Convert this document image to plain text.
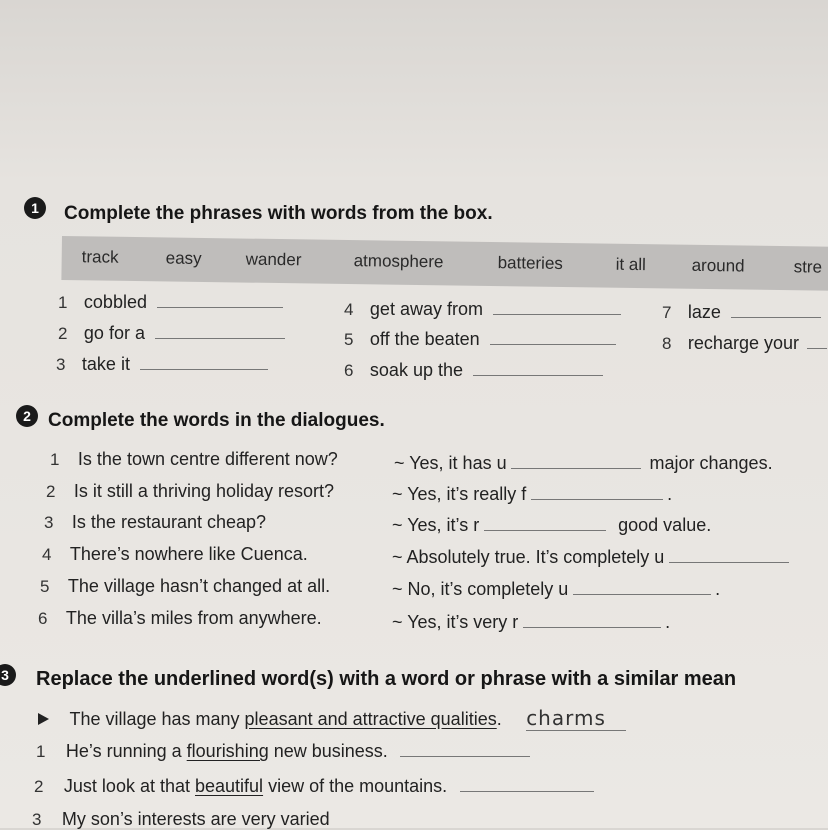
1	Complete the phrases with words from the box.
track	easy	wander	atmosphere	batteries	it all	around	stre
1 cobbled
2 go for a
3 take it
4 get away from
5 off the beaten
6 soak up the
7 laze
8 recharge your
2 Complete the words in the dialogues.
1 Is the town centre different now?	~ Yes, it has u	major changes.
2 Is it still a thriving holiday resort?	~ Yes, it’s really f	.
3 Is the restaurant cheap?	~ Yes, it’s r	good value.
4 There’s nowhere like Cuenca.	~ Absolutely true. It’s completely u
5 The village hasn’t changed at all.	~ No, it’s completely u	.
6 The villa’s miles from anywhere.	~ Yes, it’s very r	.
3	Replace the underlined word(s) with a word or phrase with a similar mean
The village has many pleasant and attractive qualities. charms
1 He’s running a flourishing new business.
2 Just look at that beautiful view of the mountains.
3 My son’s interests are very varied
